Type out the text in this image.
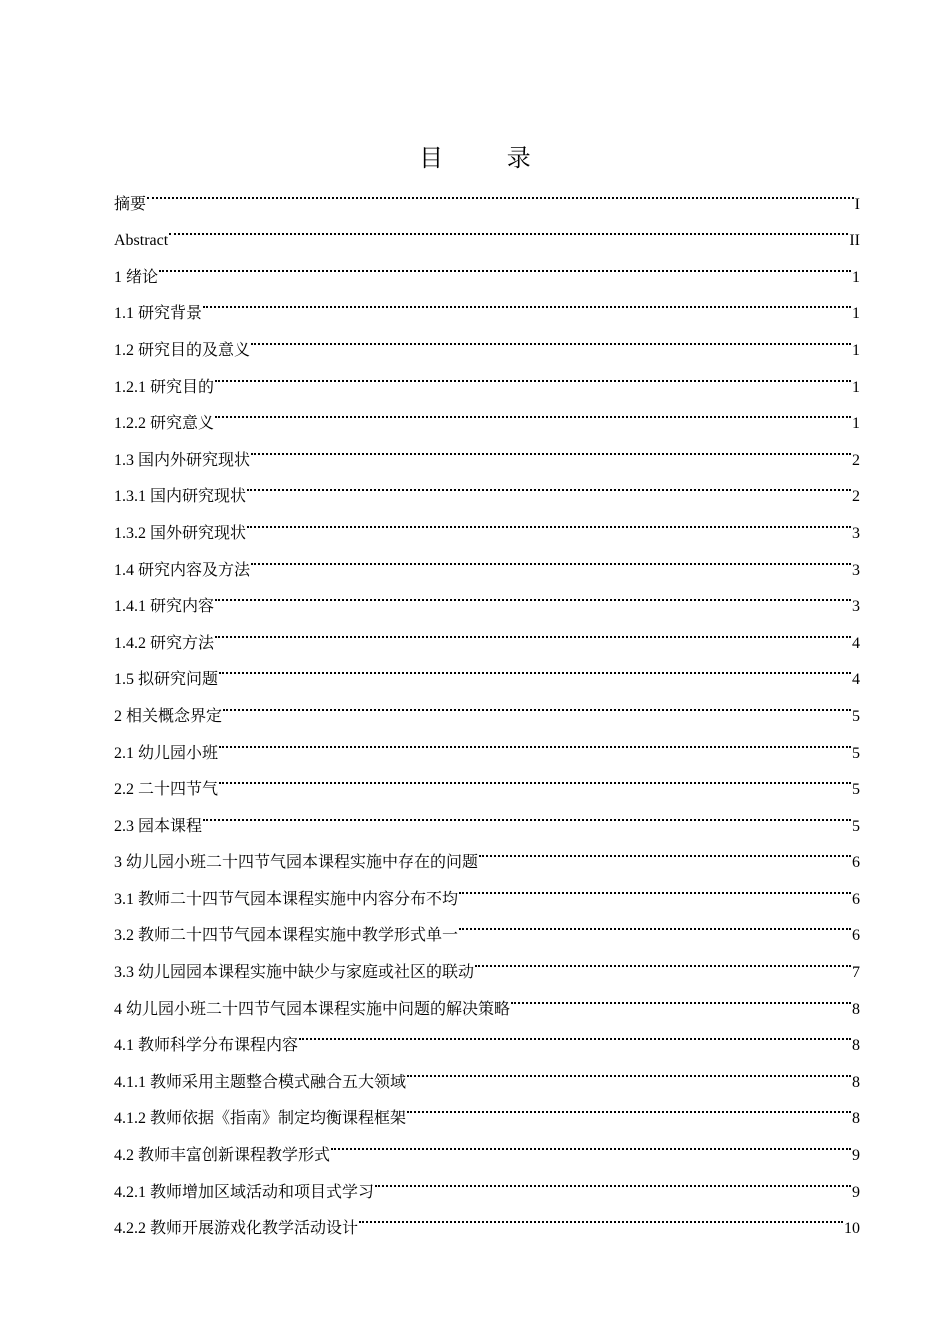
目 录
摘要	I
Abstract	II
1 绪论	1
1.1 研究背景	1
1.2 研究目的及意义	1
1.2.1 研究目的	1
1.2.2 研究意义	1
1.3 国内外研究现状	2
1.3.1 国内研究现状	2
1.3.2 国外研究现状	3
1.4 研究内容及方法	3
1.4.1 研究内容	3
1.4.2 研究方法	4
1.5 拟研究问题	4
2 相关概念界定	5
2.1 幼儿园小班	5
2.2 二十四节气	5
2.3 园本课程	5
3 幼儿园小班二十四节气园本课程实施中存在的问题	6
3.1 教师二十四节气园本课程实施中内容分布不均	6
3.2 教师二十四节气园本课程实施中教学形式单一	6
3.3 幼儿园园本课程实施中缺少与家庭或社区的联动	7
4 幼儿园小班二十四节气园本课程实施中问题的解决策略	8
4.1 教师科学分布课程内容	8
4.1.1 教师采用主题整合模式融合五大领域	8
4.1.2 教师依据《指南》制定均衡课程框架	8
4.2 教师丰富创新课程教学形式	9
4.2.1 教师增加区域活动和项目式学习	9
4.2.2 教师开展游戏化教学活动设计	10
